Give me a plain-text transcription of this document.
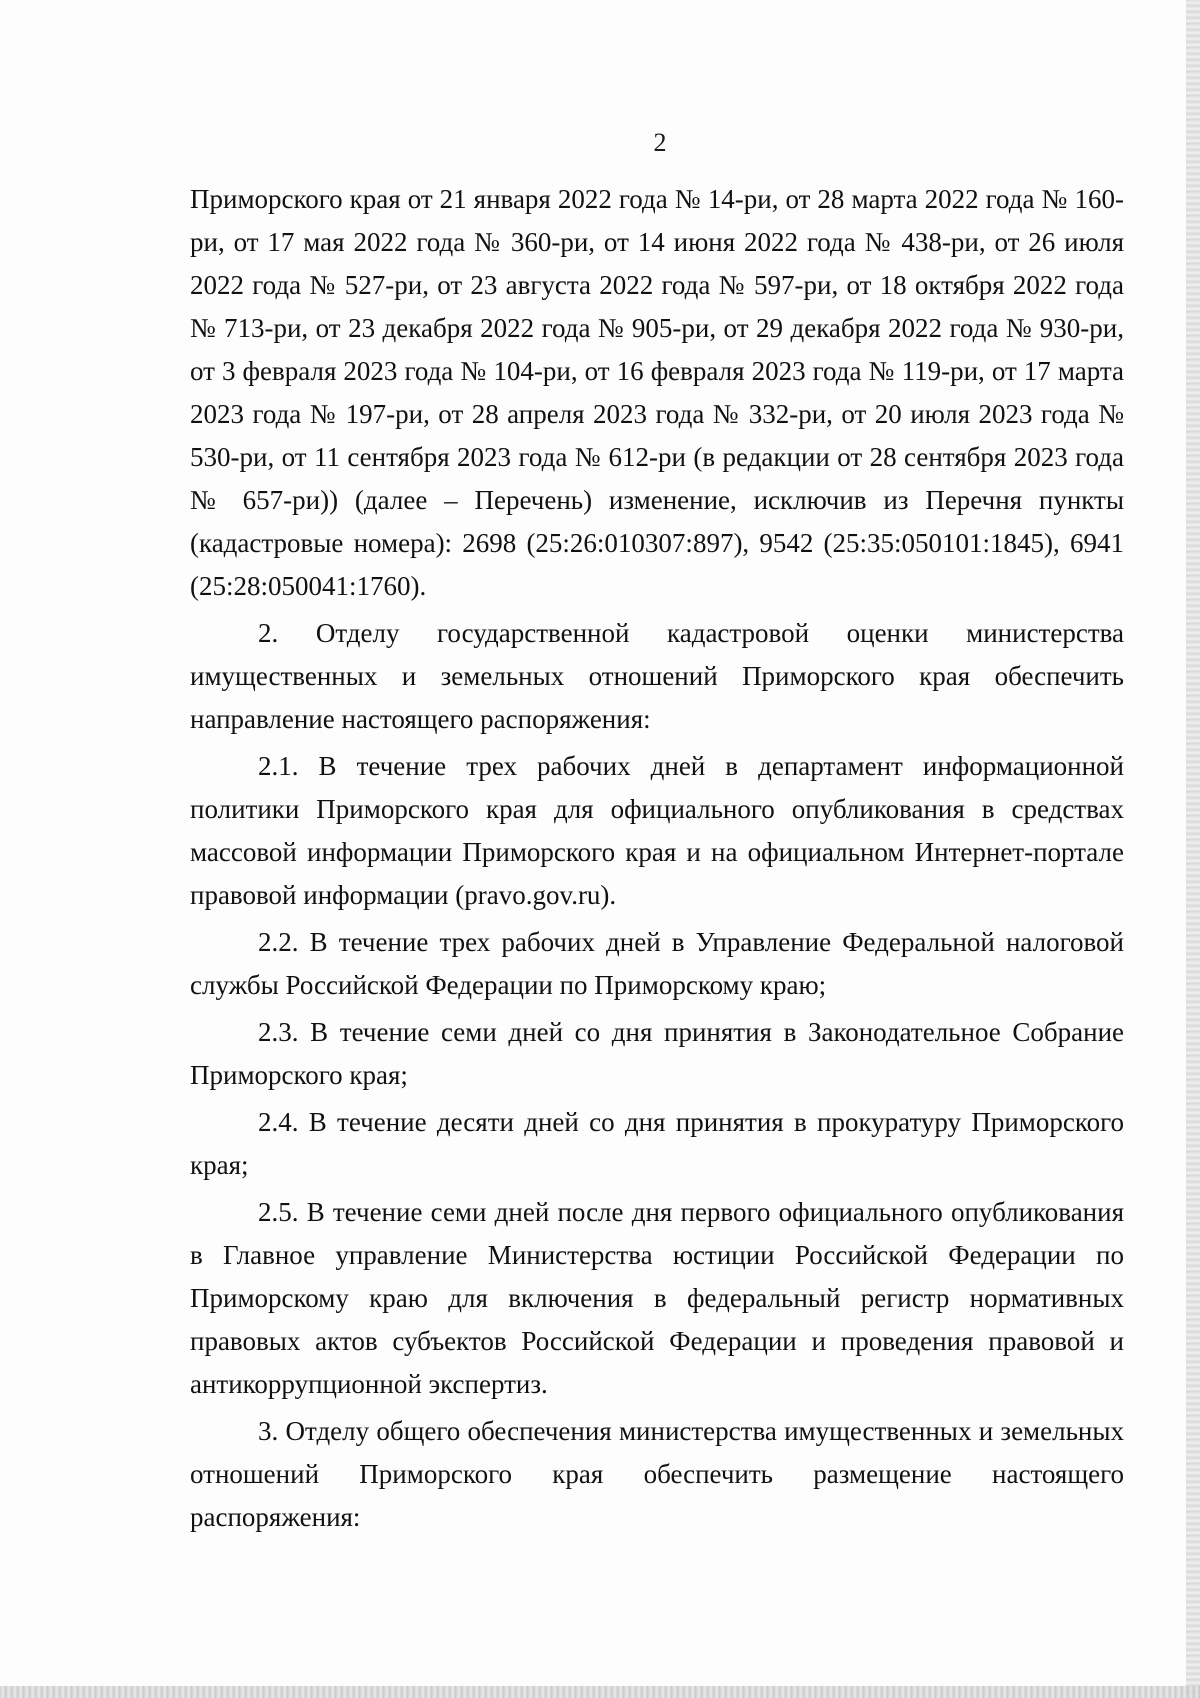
2

Приморского края от 21 января 2022 года № 14-ри, от 28 марта 2022 года № 160-ри, от 17 мая 2022 года № 360-ри, от 14 июня 2022 года № 438-ри, от 26 июля 2022 года № 527-ри, от 23 августа 2022 года № 597-ри, от 18 октября 2022 года № 713-ри, от 23 декабря 2022 года № 905-ри, от 29 декабря 2022 года № 930-ри, от 3 февраля 2023 года № 104-ри, от 16 февраля 2023 года № 119-ри, от 17 марта 2023 года № 197-ри, от 28 апреля 2023 года № 332-ри, от 20 июля 2023 года № 530-ри, от 11 сентября 2023 года № 612-ри (в редакции от 28 сентября 2023 года № 657-ри)) (далее – Перечень) изменение, исключив из Перечня пункты (кадастровые номера): 2698 (25:26:010307:897), 9542 (25:35:050101:1845), 6941 (25:28:050041:1760).

2. Отделу государственной кадастровой оценки министерства имущественных и земельных отношений Приморского края обеспечить направление настоящего распоряжения:

2.1. В течение трех рабочих дней в департамент информационной политики Приморского края для официального опубликования в средствах массовой информации Приморского края и на официальном Интернет-портале правовой информации (pravo.gov.ru).

2.2. В течение трех рабочих дней в Управление Федеральной налоговой службы Российской Федерации по Приморскому краю;

2.3. В течение семи дней со дня принятия в Законодательное Собрание Приморского края;

2.4. В течение десяти дней со дня принятия в прокуратуру Приморского края;

2.5. В течение семи дней после дня первого официального опубликования в Главное управление Министерства юстиции Российской Федерации по Приморскому краю для включения в федеральный регистр нормативных правовых актов субъектов Российской Федерации и проведения правовой и антикоррупционной экспертиз.

3. Отделу общего обеспечения министерства имущественных и земельных отношений Приморского края обеспечить размещение настоящего распоряжения:
